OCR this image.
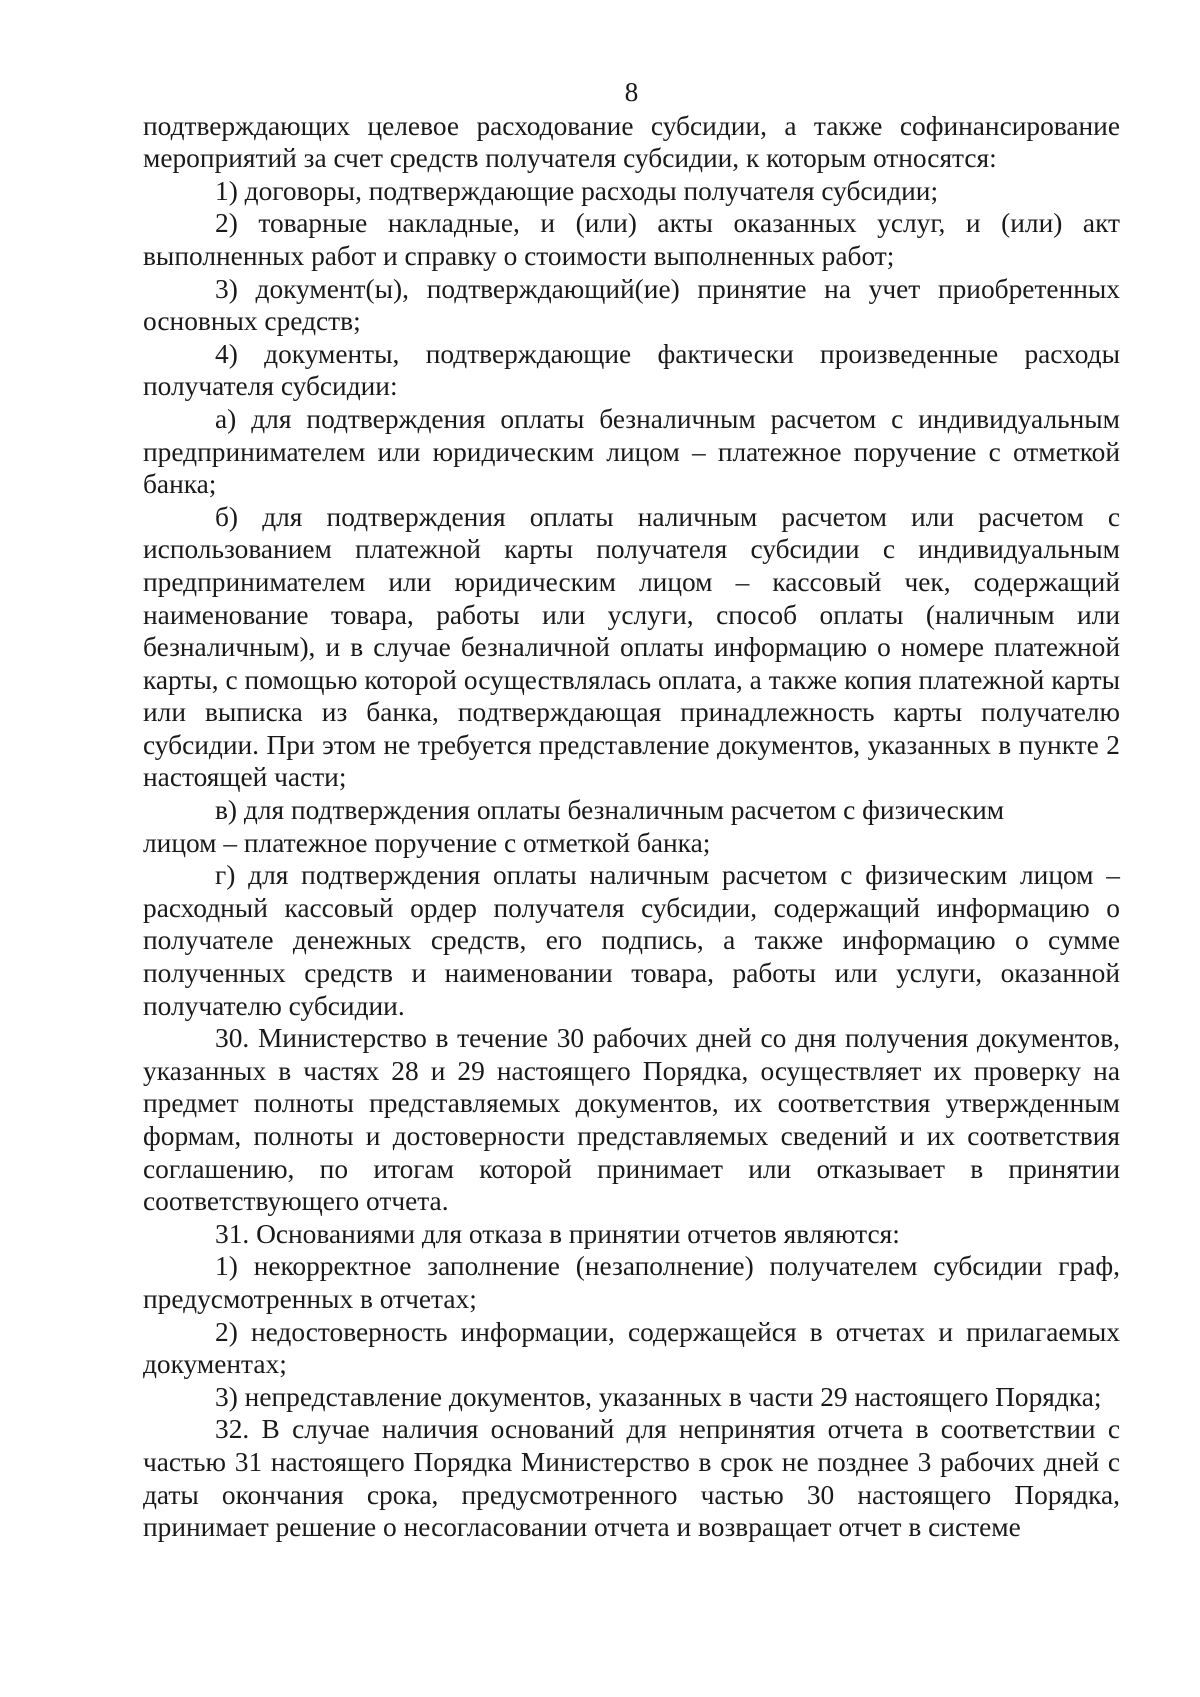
8

подтверждающих целевое расходование субсидии, а также софинансирование мероприятий за счет средств получателя субсидии, к которым относятся:

1) договоры, подтверждающие расходы получателя субсидии;

2) товарные накладные, и (или) акты оказанных услуг, и (или) акт выполненных работ и справку о стоимости выполненных работ;

3) документ(ы), подтверждающий(ие) принятие на учет приобретенных основных средств;

4) документы, подтверждающие фактически произведенные расходы получателя субсидии:

а) для подтверждения оплаты безналичным расчетом с индивидуальным предпринимателем или юридическим лицом – платежное поручение с отметкой банка;

б) для подтверждения оплаты наличным расчетом или расчетом с использованием платежной карты получателя субсидии с индивидуальным предпринимателем или юридическим лицом – кассовый чек, содержащий наименование товара, работы или услуги, способ оплаты (наличным или безналичным), и в случае безналичной оплаты информацию о номере платежной карты, с помощью которой осуществлялась оплата, а также копия платежной карты или выписка из банка, подтверждающая принадлежность карты получателю субсидии. При этом не требуется представление документов, указанных в пункте 2 настоящей части;

в) для подтверждения оплаты безналичным расчетом с физическим

лицом – платежное поручение с отметкой банка;

г) для подтверждения оплаты наличным расчетом с физическим лицом – расходный кассовый ордер получателя субсидии, содержащий информацию о получателе денежных средств, его подпись, а также информацию о сумме полученных средств и наименовании товара, работы или услуги, оказанной получателю субсидии.

30. Министерство в течение 30 рабочих дней со дня получения документов, указанных в частях 28 и 29 настоящего Порядка, осуществляет их проверку на предмет полноты представляемых документов, их соответствия утвержденным формам, полноты и достоверности представляемых сведений и их соответствия соглашению, по итогам которой принимает или отказывает в принятии соответствующего отчета.

31. Основаниями для отказа в принятии отчетов являются:

1) некорректное заполнение (незаполнение) получателем субсидии граф, предусмотренных в отчетах;

2) недостоверность информации, содержащейся в отчетах и прилагаемых документах;

3) непредставление документов, указанных в части 29 настоящего Порядка;

32. В случае наличия оснований для непринятия отчета в соответствии с частью 31 настоящего Порядка Министерство в срок не позднее 3 рабочих дней с даты окончания срока, предусмотренного частью 30 настоящего Порядка, принимает решение о несогласовании отчета и возвращает отчет в системе
